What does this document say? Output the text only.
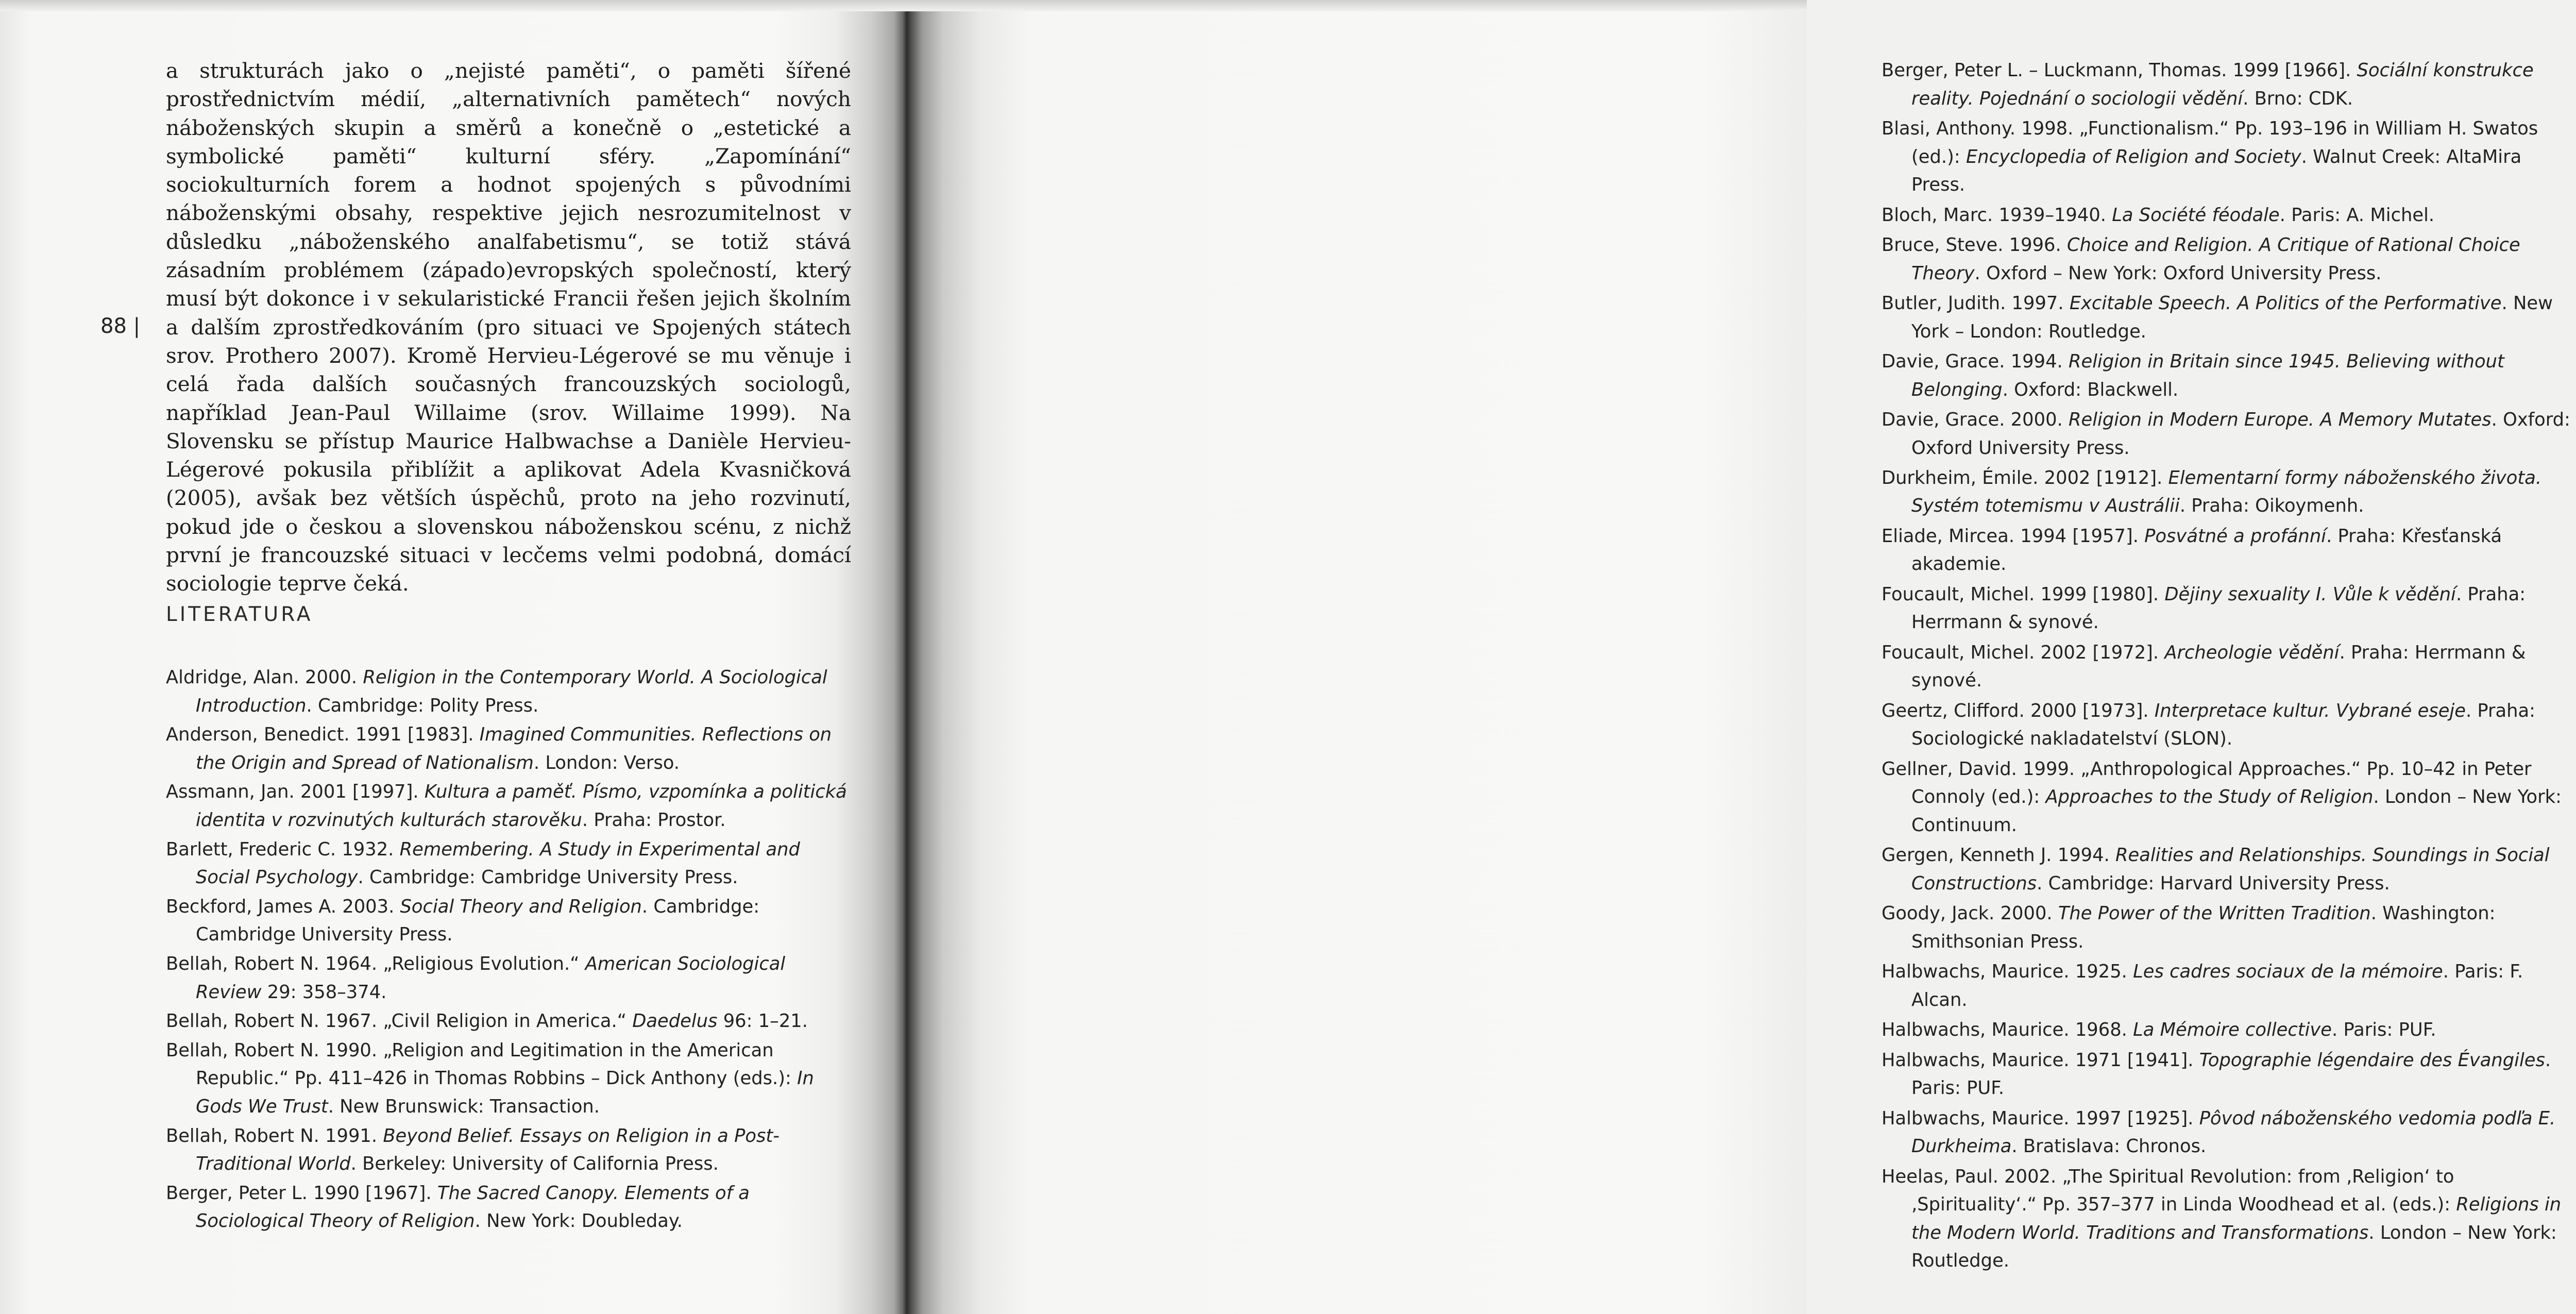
a strukturách jako o „nejisté paměti“, o paměti šířené prostřednictvím médií, „alternativních pamětech“ nových náboženských skupin a směrů a konečně o „estetické a symbolické paměti“ kulturní sféry. „Zapomínání“ sociokulturních forem a hodnot spojených s původními náboženskými obsahy, respektive jejich nesrozumitelnost v důsledku „náboženského analfabetismu“, se totiž stává zásadním problémem (západo)evropských společností, který musí být dokonce i v sekularistické Francii řešen jejich školním a dalším zprostředkováním (pro situaci ve Spojených státech srov. Prothero 2007). Kromě Hervieu-Légerové se mu věnuje i celá řada dalších současných francouzských sociologů, například Jean-Paul Willaime (srov. Willaime 1999). Na Slovensku se přístup Maurice Halbwachse a Danièle Hervieu-Légerové pokusila přiblížit a aplikovat Adela Kvasničková (2005), avšak bez větších úspěchů, proto na jeho rozvinutí, pokud jde o českou a slovenskou náboženskou scénu, z nichž první je francouzské situaci v lecčems velmi podobná, domácí sociologie teprve čeká.

LITERATURA
Aldridge, Alan. 2000. Religion in the Contemporary World. A Sociological Introduction. Cambridge: Polity Press.
Anderson, Benedict. 1991 [1983]. Imagined Communities. Reflections on the Origin and Spread of Nationalism. London: Verso.
Assmann, Jan. 2001 [1997]. Kultura a paměť. Písmo, vzpomínka a politická identita v rozvinutých kulturách starověku. Praha: Prostor.
Barlett, Frederic C. 1932. Remembering. A Study in Experimental and Social Psychology. Cambridge: Cambridge University Press.
Beckford, James A. 2003. Social Theory and Religion. Cambridge: Cambridge University Press.
Bellah, Robert N. 1964. „Religious Evolution.“ American Sociological Review 29: 358–374.
Bellah, Robert N. 1967. „Civil Religion in America.“ Daedelus 96: 1–21.
Bellah, Robert N. 1990. „Religion and Legitimation in the American Republic.“ Pp. 411–426 in Thomas Robbins – Dick Anthony (eds.): In Gods We Trust. New Brunswick: Transaction.
Bellah, Robert N. 1991. Beyond Belief. Essays on Religion in a Post-Traditional World. Berkeley: University of California Press.
Berger, Peter L. 1990 [1967]. The Sacred Canopy. Elements of a Sociological Theory of Religion. New York: Doubleday.
88 |
Berger, Peter L. – Luckmann, Thomas. 1999 [1966]. Sociální konstrukce reality. Pojednání o sociologii vědění. Brno: CDK.
Blasi, Anthony. 1998. „Functionalism.“ Pp. 193–196 in William H. Swatos (ed.): Encyclopedia of Religion and Society. Walnut Creek: AltaMira Press.
Bloch, Marc. 1939–1940. La Société féodale. Paris: A. Michel.
Bruce, Steve. 1996. Choice and Religion. A Critique of Rational Choice Theory. Oxford – New York: Oxford University Press.
Butler, Judith. 1997. Excitable Speech. A Politics of the Performative. New York – London: Routledge.
Davie, Grace. 1994. Religion in Britain since 1945. Believing without Belonging. Oxford: Blackwell.
Davie, Grace. 2000. Religion in Modern Europe. A Memory Mutates. Oxford: Oxford University Press.
Durkheim, Émile. 2002 [1912]. Elementarní formy náboženského života. Systém totemismu v Austrálii. Praha: Oikoymenh.
Eliade, Mircea. 1994 [1957]. Posvátné a profánní. Praha: Křesťanská akademie.
Foucault, Michel. 1999 [1980]. Dějiny sexuality I. Vůle k vědění. Praha: Herrmann & synové.
Foucault, Michel. 2002 [1972]. Archeologie vědění. Praha: Herrmann & synové.
Geertz, Clifford. 2000 [1973]. Interpretace kultur. Vybrané eseje. Praha: Sociologické nakladatelství (SLON).
Gellner, David. 1999. „Anthropological Approaches.“ Pp. 10–42 in Peter Connoly (ed.): Approaches to the Study of Religion. London – New York: Continuum.
Gergen, Kenneth J. 1994. Realities and Relationships. Soundings in Social Constructions. Cambridge: Harvard University Press.
Goody, Jack. 2000. The Power of the Written Tradition. Washington: Smithsonian Press.
Halbwachs, Maurice. 1925. Les cadres sociaux de la mémoire. Paris: F. Alcan.
Halbwachs, Maurice. 1968. La Mémoire collective. Paris: PUF.
Halbwachs, Maurice. 1971 [1941]. Topographie légendaire des Évangiles. Paris: PUF.
Halbwachs, Maurice. 1997 [1925]. Pôvod náboženského vedomia podľa E. Durkheima. Bratislava: Chronos.
Heelas, Paul. 2002. „The Spiritual Revolution: from ‚Religion‘ to ‚Spirituality‘.“ Pp. 357–377 in Linda Woodhead et al. (eds.): Religions in the Modern World. Traditions and Transformations. London – New York: Routledge.
